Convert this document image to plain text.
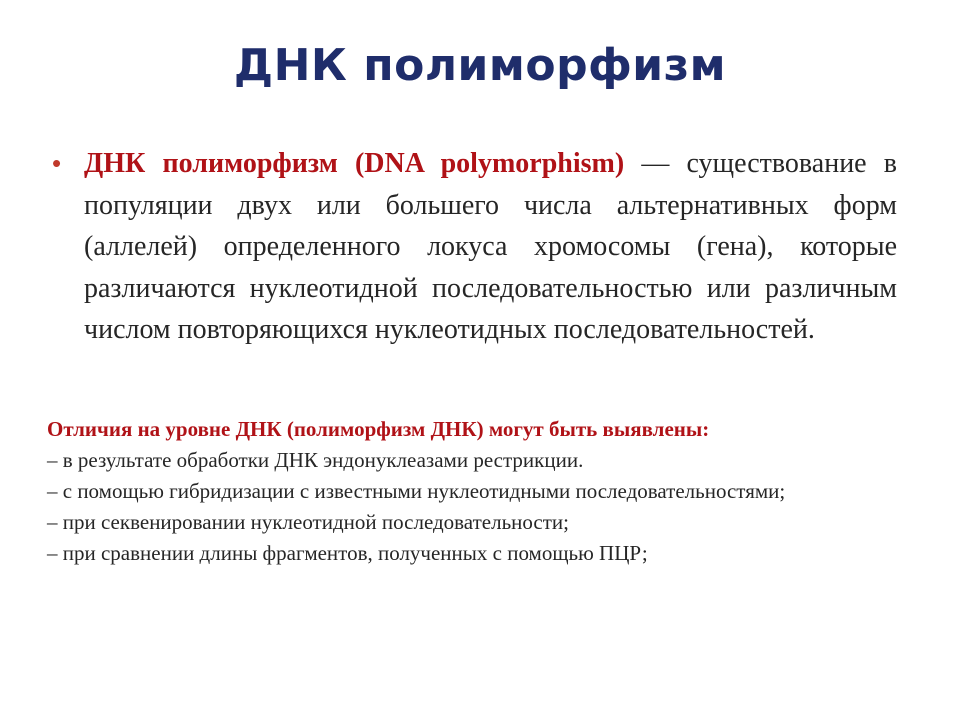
ДНК полиморфизм
• ДНК полиморфизм (DNA polymorphism) — существование в популяции двух или большего числа альтернативных форм (аллелей) определенного локуса хромосомы (гена), которые различаются нуклеотидной последовательностью или различным числом повторяющихся нуклеотидных последовательностей.
Отличия на уровне ДНК (полиморфизм ДНК) могут быть выявлены:
– в результате обработки ДНК эндонуклеазами рестрикции.
– с помощью гибридизации с известными нуклеотидными последовательностями;
– при секвенировании нуклеотидной последовательности;
– при сравнении длины фрагментов, полученных с помощью ПЦР;
